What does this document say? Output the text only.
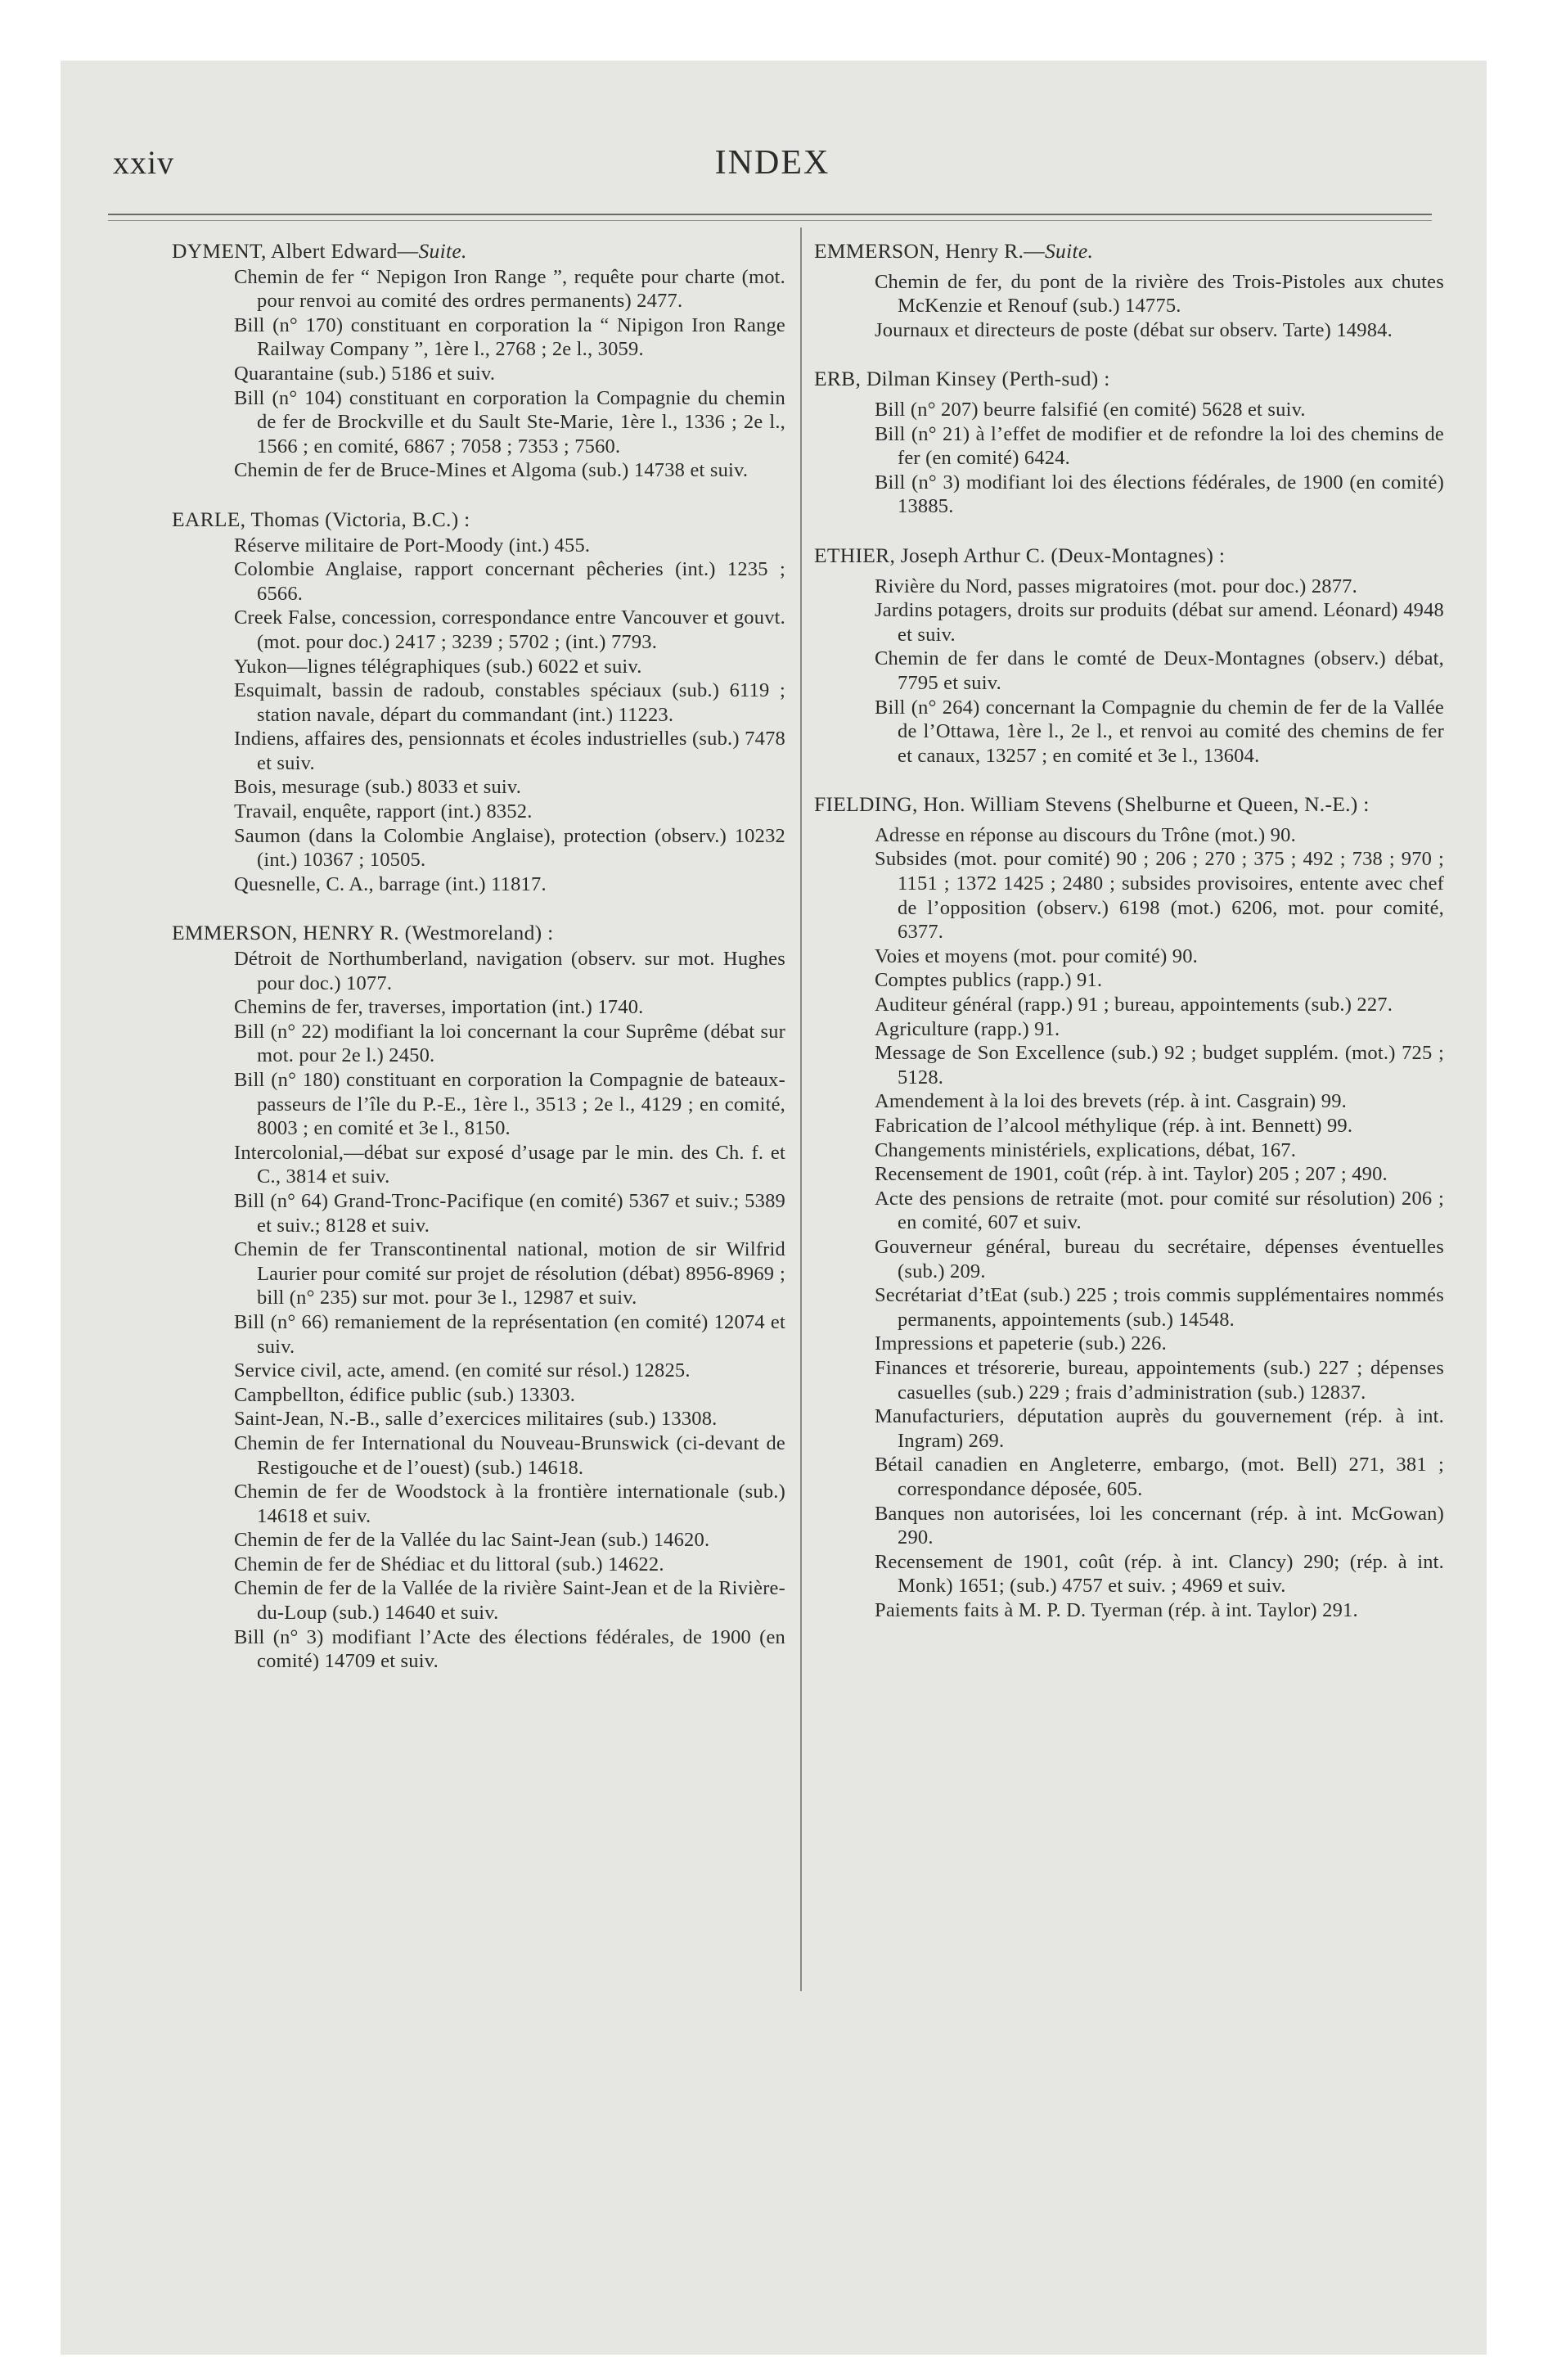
xxiv	INDEX
DYMENT, Albert Edward—Suite.
Chemin de fer “ Nepigon Iron Range ”, requête pour charte (mot. pour renvoi au comité des ordres permanents) 2477.
Bill (n° 170) constituant en corporation la “ Nipigon Iron Range Railway Company ”, 1ère l., 2768 ; 2e l., 3059.
Quarantaine (sub.) 5186 et suiv.
Bill (n° 104) constituant en corporation la Compagnie du chemin de fer de Brockville et du Sault Ste-Marie, 1ère l., 1336 ; 2e l., 1566 ; en comité, 6867 ; 7058 ; 7353 ; 7560.
Chemin de fer de Bruce-Mines et Algoma (sub.) 14738 et suiv.
EARLE, Thomas (Victoria, B.C.) :
Réserve militaire de Port-Moody (int.) 455.
Colombie Anglaise, rapport concernant pêcheries (int.) 1235 ; 6566.
Creek False, concession, correspondance entre Vancouver et gouvt. (mot. pour doc.) 2417 ; 3239 ; 5702 ; (int.) 7793.
Yukon—lignes télégraphiques (sub.) 6022 et suiv.
Esquimalt, bassin de radoub, constables spéciaux (sub.) 6119 ; station navale, départ du commandant (int.) 11223.
Indiens, affaires des, pensionnats et écoles industrielles (sub.) 7478 et suiv.
Bois, mesurage (sub.) 8033 et suiv.
Travail, enquête, rapport (int.) 8352.
Saumon (dans la Colombie Anglaise), protection (observ.) 10232 (int.) 10367 ; 10505.
Quesnelle, C. A., barrage (int.) 11817.
EMMERSON, HENRY R. (Westmoreland) :
Détroit de Northumberland, navigation (observ. sur mot. Hughes pour doc.) 1077.
Chemins de fer, traverses, importation (int.) 1740.
Bill (n° 22) modifiant la loi concernant la cour Suprême (débat sur mot. pour 2e l.) 2450.
Bill (n° 180) constituant en corporation la Compagnie de bateaux-passeurs de l’île du P.-E., 1ère l., 3513 ; 2e l., 4129 ; en comité, 8003 ; en comité et 3e l., 8150.
Intercolonial,—débat sur exposé d’usage par le min. des Ch. f. et C., 3814 et suiv.
Bill (n° 64) Grand-Tronc-Pacifique (en comité) 5367 et suiv.; 5389 et suiv.; 8128 et suiv.
Chemin de fer Transcontinental national, motion de sir Wilfrid Laurier pour comité sur projet de résolution (débat) 8956-8969 ; bill (n° 235) sur mot. pour 3e l., 12987 et suiv.
Bill (n° 66) remaniement de la représentation (en comité) 12074 et suiv.
Service civil, acte, amend. (en comité sur résol.) 12825.
Campbellton, édifice public (sub.) 13303.
Saint-Jean, N.-B., salle d’exercices militaires (sub.) 13308.
Chemin de fer International du Nouveau-Brunswick (ci-devant de Restigouche et de l’ouest) (sub.) 14618.
Chemin de fer de Woodstock à la frontière internationale (sub.) 14618 et suiv.
Chemin de fer de la Vallée du lac Saint-Jean (sub.) 14620.
Chemin de fer de Shédiac et du littoral (sub.) 14622.
Chemin de fer de la Vallée de la rivière Saint-Jean et de la Rivière-du-Loup (sub.) 14640 et suiv.
Bill (n° 3) modifiant l’Acte des élections fédérales, de 1900 (en comité) 14709 et suiv.
EMMERSON, Henry R.—Suite.
Chemin de fer, du pont de la rivière des Trois-Pistoles aux chutes McKenzie et Renouf (sub.) 14775.
Journaux et directeurs de poste (débat sur observ. Tarte) 14984.
ERB, Dilman Kinsey (Perth-sud) :
Bill (n° 207) beurre falsifié (en comité) 5628 et suiv.
Bill (n° 21) à l’effet de modifier et de refondre la loi des chemins de fer (en comité) 6424.
Bill (n° 3) modifiant loi des élections fédérales, de 1900 (en comité) 13885.
ETHIER, Joseph Arthur C. (Deux-Montagnes) :
Rivière du Nord, passes migratoires (mot. pour doc.) 2877.
Jardins potagers, droits sur produits (débat sur amend. Léonard) 4948 et suiv.
Chemin de fer dans le comté de Deux-Montagnes (observ.) débat, 7795 et suiv.
Bill (n° 264) concernant la Compagnie du chemin de fer de la Vallée de l’Ottawa, 1ère l., 2e l., et renvoi au comité des chemins de fer et canaux, 13257 ; en comité et 3e l., 13604.
FIELDING, Hon. William Stevens (Shelburne et Queen, N.-E.) :
Adresse en réponse au discours du Trône (mot.) 90.
Subsides (mot. pour comité) 90 ; 206 ; 270 ; 375 ; 492 ; 738 ; 970 ; 1151 ; 1372 1425 ; 2480 ; subsides provisoires, entente avec chef de l’opposition (observ.) 6198 (mot.) 6206, mot. pour comité, 6377.
Voies et moyens (mot. pour comité) 90.
Comptes publics (rapp.) 91.
Auditeur général (rapp.) 91 ; bureau, appointements (sub.) 227.
Agriculture (rapp.) 91.
Message de Son Excellence (sub.) 92 ; budget supplém. (mot.) 725 ; 5128.
Amendement à la loi des brevets (rép. à int. Casgrain) 99.
Fabrication de l’alcool méthylique (rép. à int. Bennett) 99.
Changements ministériels, explications, débat, 167.
Recensement de 1901, coût (rép. à int. Taylor) 205 ; 207 ; 490.
Acte des pensions de retraite (mot. pour comité sur résolution) 206 ; en comité, 607 et suiv.
Gouverneur général, bureau du secrétaire, dépenses éventuelles (sub.) 209.
Secrétariat d’tEat (sub.) 225 ; trois commis supplémentaires nommés permanents, appointements (sub.) 14548.
Impressions et papeterie (sub.) 226.
Finances et trésorerie, bureau, appointements (sub.) 227 ; dépenses casuelles (sub.) 229 ; frais d’administration (sub.) 12837.
Manufacturiers, députation auprès du gouvernement (rép. à int. Ingram) 269.
Bétail canadien en Angleterre, embargo, (mot. Bell) 271, 381 ; correspondance déposée, 605.
Banques non autorisées, loi les concernant (rép. à int. McGowan) 290.
Recensement de 1901, coût (rép. à int. Clancy) 290; (rép. à int. Monk) 1651; (sub.) 4757 et suiv. ; 4969 et suiv.
Paiements faits à M. P. D. Tyerman (rép. à int. Taylor) 291.
